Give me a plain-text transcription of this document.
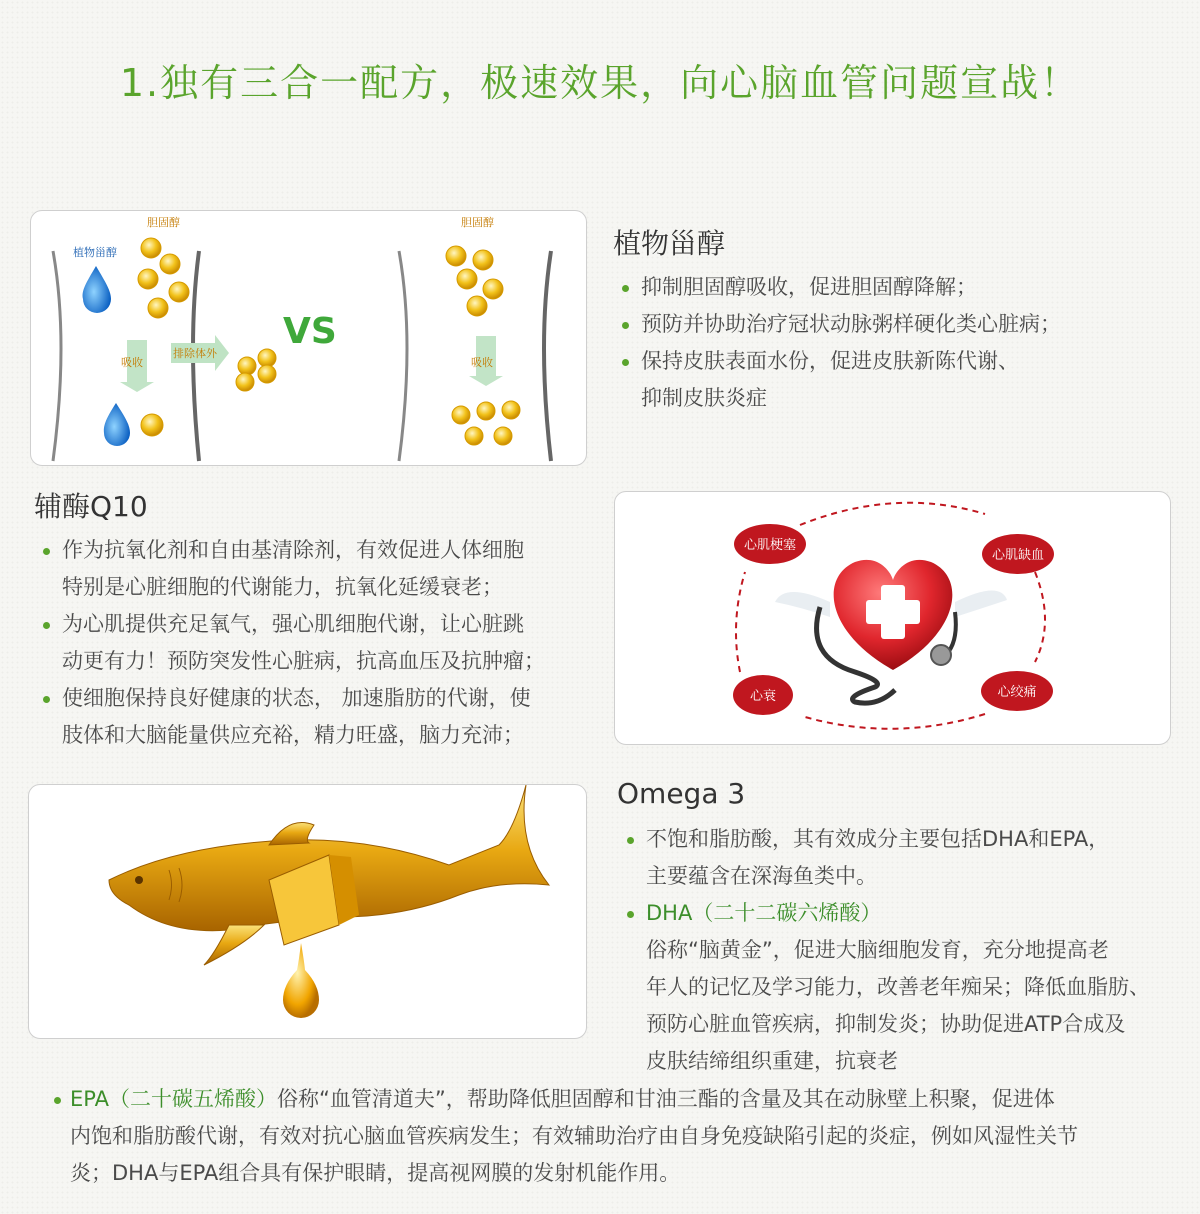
1.独有三合一配方，极速效果，向心脑血管问题宣战！
胆固醇	胆固醇
植物甾醇
吸收
排除体外
吸收
VS
植物甾醇
抑制胆固醇吸收，促进胆固醇降解；
预防并协助治疗冠状动脉粥样硬化类心脏病；
保持皮肤表面水份，促进皮肤新陈代谢、
抑制皮肤炎症
辅酶Q10
作为抗氧化剂和自由基清除剂，有效促进人体细胞
特别是心脏细胞的代谢能力，抗氧化延缓衰老；
为心肌提供充足氧气，强心肌细胞代谢，让心脏跳
动更有力！预防突发性心脏病，抗高血压及抗肿瘤；
使细胞保持良好健康的状态， 加速脂肪的代谢，使
肢体和大脑能量供应充裕，精力旺盛，脑力充沛；
心肌梗塞
心肌缺血
心衰	心绞痛
Omega 3
不饱和脂肪酸，其有效成分主要包括DHA和EPA，
主要蕴含在深海鱼类中。
DHA（二十二碳六烯酸）
俗称“脑黄金”，促进大脑细胞发育，充分地提高老
年人的记忆及学习能力，改善老年痴呆；降低血脂肪、
预防心脏血管疾病，抑制发炎；协助促进ATP合成及
皮肤结缔组织重建，抗衰老
EPA（二十碳五烯酸）俗称“血管清道夫”，帮助降低胆固醇和甘油三酯的含量及其在动脉壁上积聚，促进体
内饱和脂肪酸代谢，有效对抗心脑血管疾病发生；有效辅助治疗由自身免疫缺陷引起的炎症，例如风湿性关节
炎；DHA与EPA组合具有保护眼睛，提高视网膜的发射机能作用。
